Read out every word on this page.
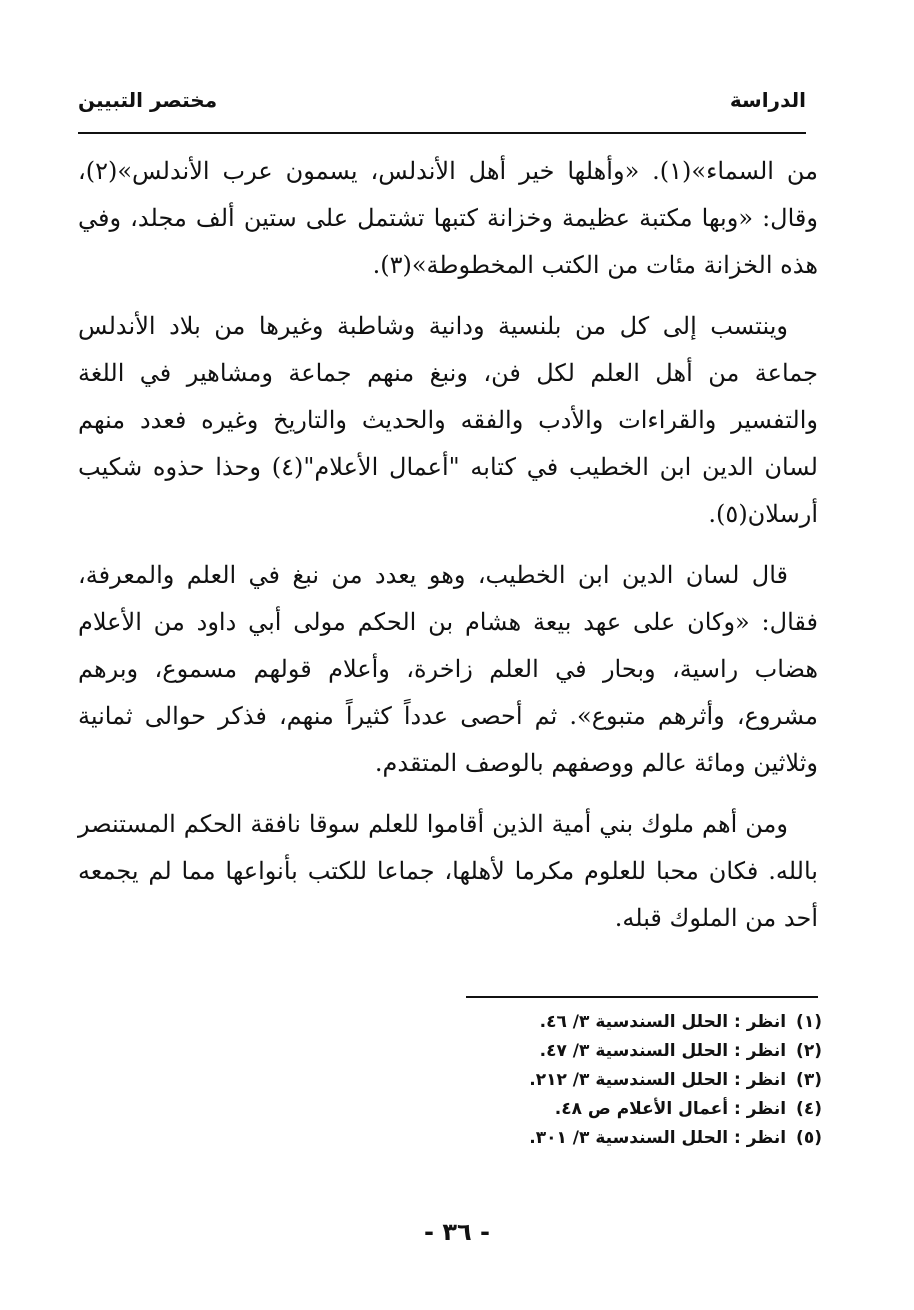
الدراسة
مختصر التبيين

من السماء»(١). «وأهلها خير أهل الأندلس، يسمون عرب الأندلس»(٢)، وقال: «وبها مكتبة عظيمة وخزانة كتبها تشتمل على ستين ألف مجلد، وفي هذه الخزانة مئات من الكتب المخطوطة»(٣).

وينتسب إلى كل من بلنسية ودانية وشاطبة وغيرها من بلاد الأندلس جماعة من أهل العلم لكل فن، ونبغ منهم جماعة ومشاهير في اللغة والتفسير والقراءات والأدب والفقه والحديث والتاريخ وغيره فعدد منهم لسان الدين ابن الخطيب في كتابه "أعمال الأعلام"(٤) وحذا حذوه شكيب أرسلان(٥).

قال لسان الدين ابن الخطيب، وهو يعدد من نبغ في العلم والمعرفة، فقال: «وكان على عهد بيعة هشام بن الحكم مولى أبي داود من الأعلام هضاب راسية، وبحار في العلم زاخرة، وأعلام قولهم مسموع، وبرهم مشروع، وأثرهم متبوع». ثم أحصى عدداً كثيراً منهم، فذكر حوالى ثمانية وثلاثين ومائة عالم ووصفهم بالوصف المتقدم.

ومن أهم ملوك بني أمية الذين أقاموا للعلم سوقا نافقة الحكم المستنصر بالله. فكان محبا للعلوم مكرما لأهلها، جماعا للكتب بأنواعها مما لم يجمعه أحد من الملوك قبله.

(١)انظر : الحلل السندسية ٣/ ٤٦.
(٢)انظر : الحلل السندسية ٣/ ٤٧.
(٣)انظر : الحلل السندسية ٣/ ٢١٢.
(٤)انظر : أعمال الأعلام ص ٤٨.
(٥)انظر : الحلل السندسية ٣/ ٣٠١.
- ٣٦ -
